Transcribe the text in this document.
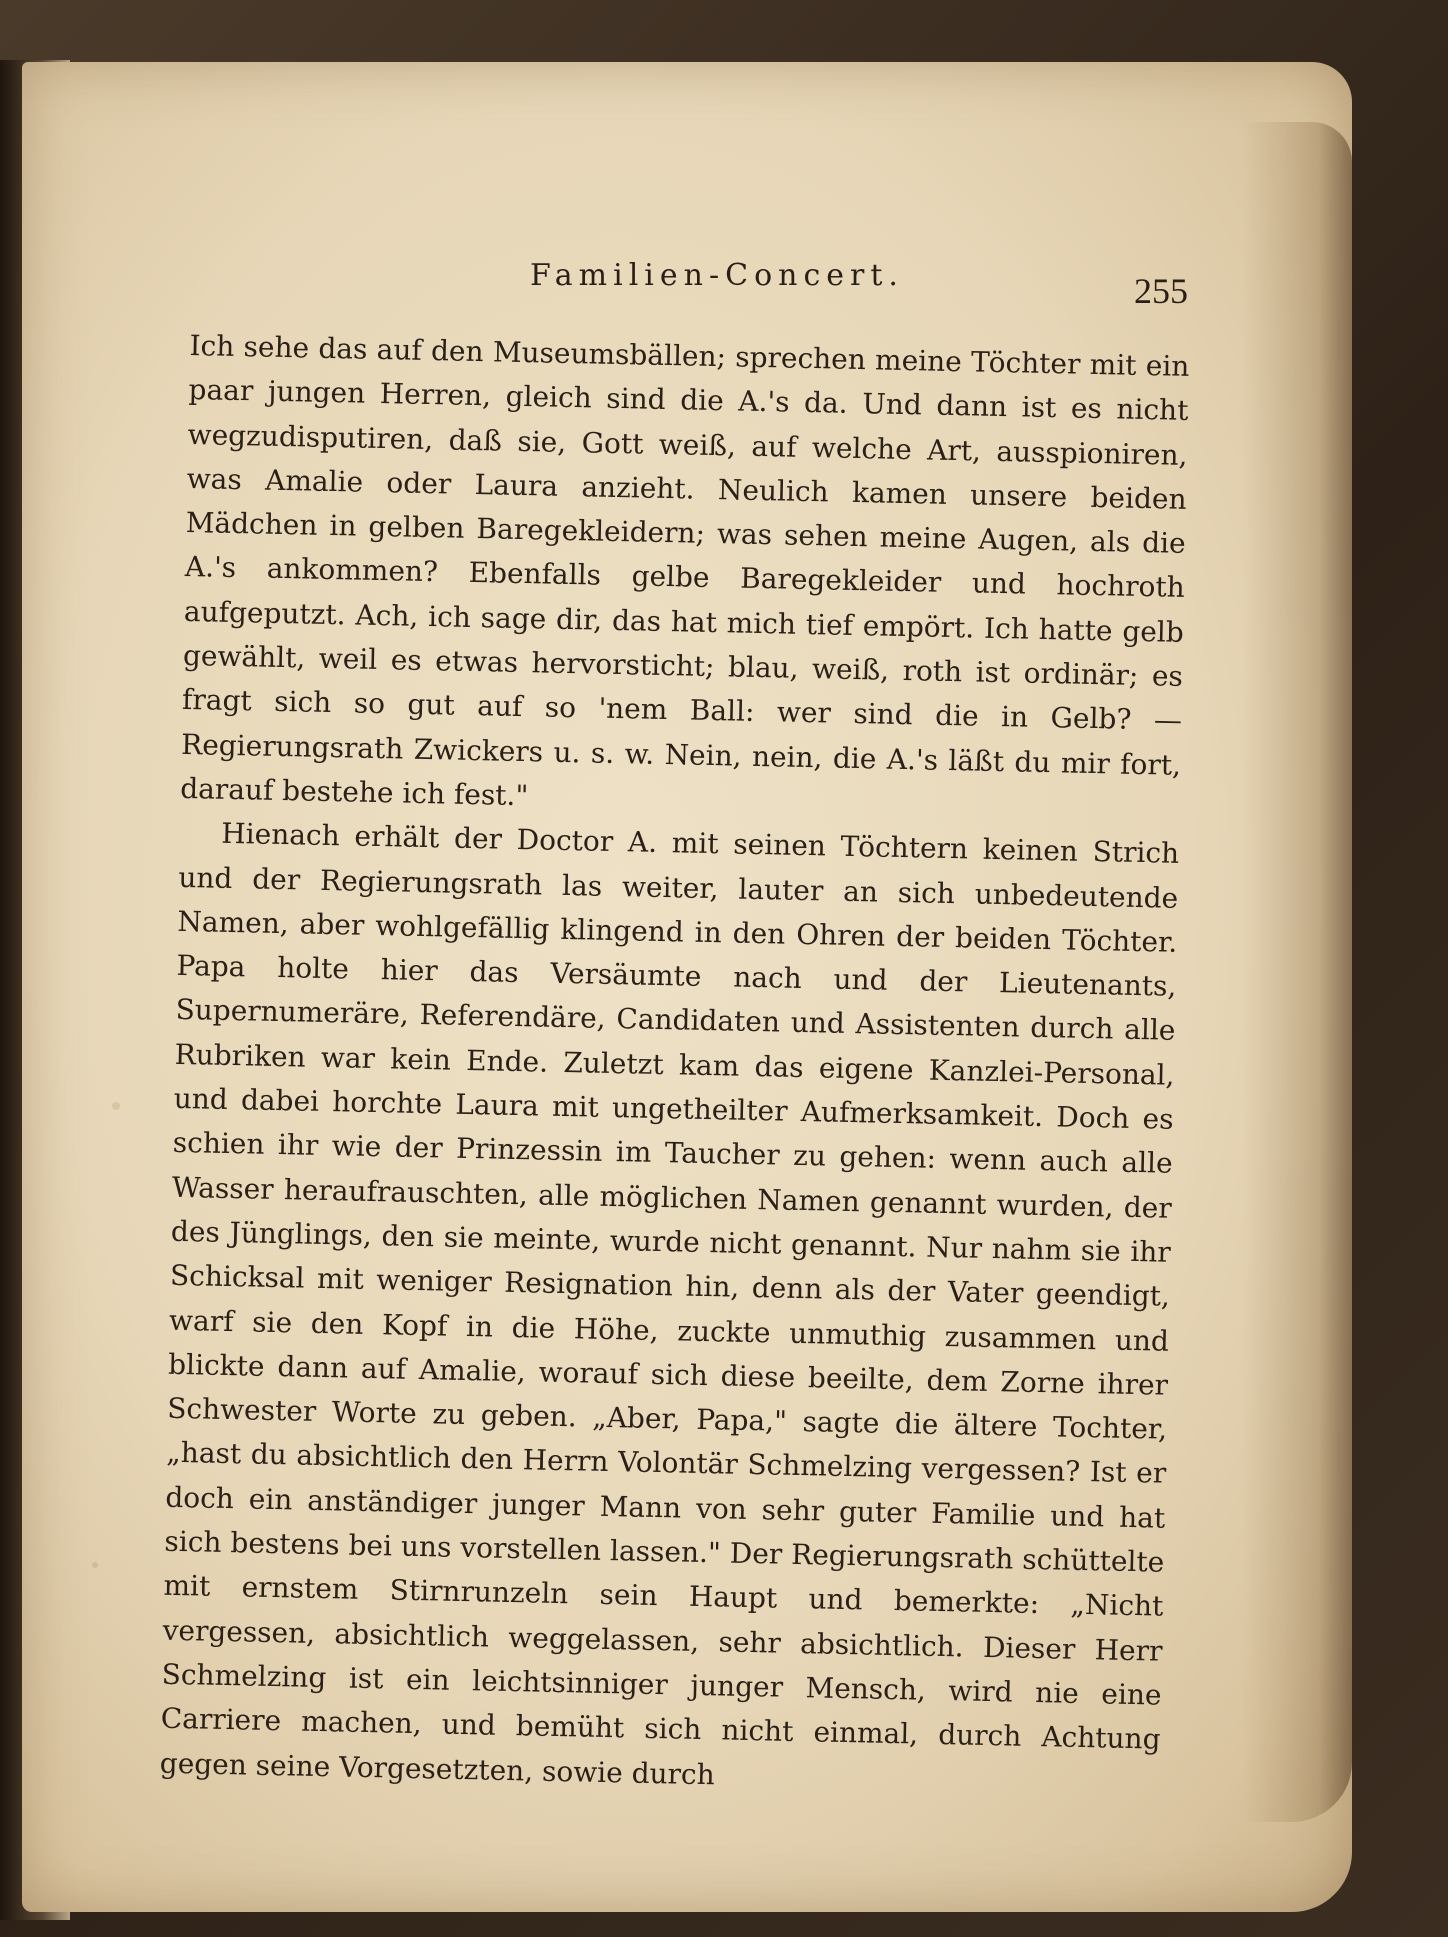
Familien-Concert.	255

Ich sehe das auf den Museumsbällen; sprechen meine Töchter mit ein paar jungen Herren, gleich sind die A.'s da. Und dann ist es nicht wegzudisputiren, daß sie, Gott weiß, auf welche Art, ausspioniren, was Amalie oder Laura anzieht. Neulich kamen unsere beiden Mädchen in gelben Baregekleidern; was sehen meine Augen, als die A.'s ankommen? Ebenfalls gelbe Baregekleider und hochroth aufgeputzt. Ach, ich sage dir, das hat mich tief empört. Ich hatte gelb gewählt, weil es etwas hervorsticht; blau, weiß, roth ist ordinär; es fragt sich so gut auf so 'nem Ball: wer sind die in Gelb? — Regierungsrath Zwickers u. s. w. Nein, nein, die A.'s läßt du mir fort, darauf bestehe ich fest."

Hienach erhält der Doctor A. mit seinen Töchtern keinen Strich und der Regierungsrath las weiter, lauter an sich unbedeutende Namen, aber wohlgefällig klingend in den Ohren der beiden Töchter. Papa holte hier das Versäumte nach und der Lieutenants, Supernumeräre, Referendäre, Candidaten und Assistenten durch alle Rubriken war kein Ende. Zuletzt kam das eigene Kanzlei-Personal, und dabei horchte Laura mit ungetheilter Aufmerksamkeit. Doch es schien ihr wie der Prinzessin im Taucher zu gehen: wenn auch alle Wasser heraufrauschten, alle möglichen Namen genannt wurden, der des Jünglings, den sie meinte, wurde nicht genannt. Nur nahm sie ihr Schicksal mit weniger Resignation hin, denn als der Vater geendigt, warf sie den Kopf in die Höhe, zuckte unmuthig zusammen und blickte dann auf Amalie, worauf sich diese beeilte, dem Zorne ihrer Schwester Worte zu geben. „Aber, Papa," sagte die ältere Tochter, „hast du absichtlich den Herrn Volontär Schmelzing vergessen? Ist er doch ein anständiger junger Mann von sehr guter Familie und hat sich bestens bei uns vorstellen lassen." Der Regierungsrath schüttelte mit ernstem Stirnrunzeln sein Haupt und bemerkte: „Nicht vergessen, absichtlich weggelassen, sehr absichtlich. Dieser Herr Schmelzing ist ein leichtsinniger junger Mensch, wird nie eine Carriere machen, und bemüht sich nicht einmal, durch Achtung gegen seine Vorgesetzten, sowie durch
